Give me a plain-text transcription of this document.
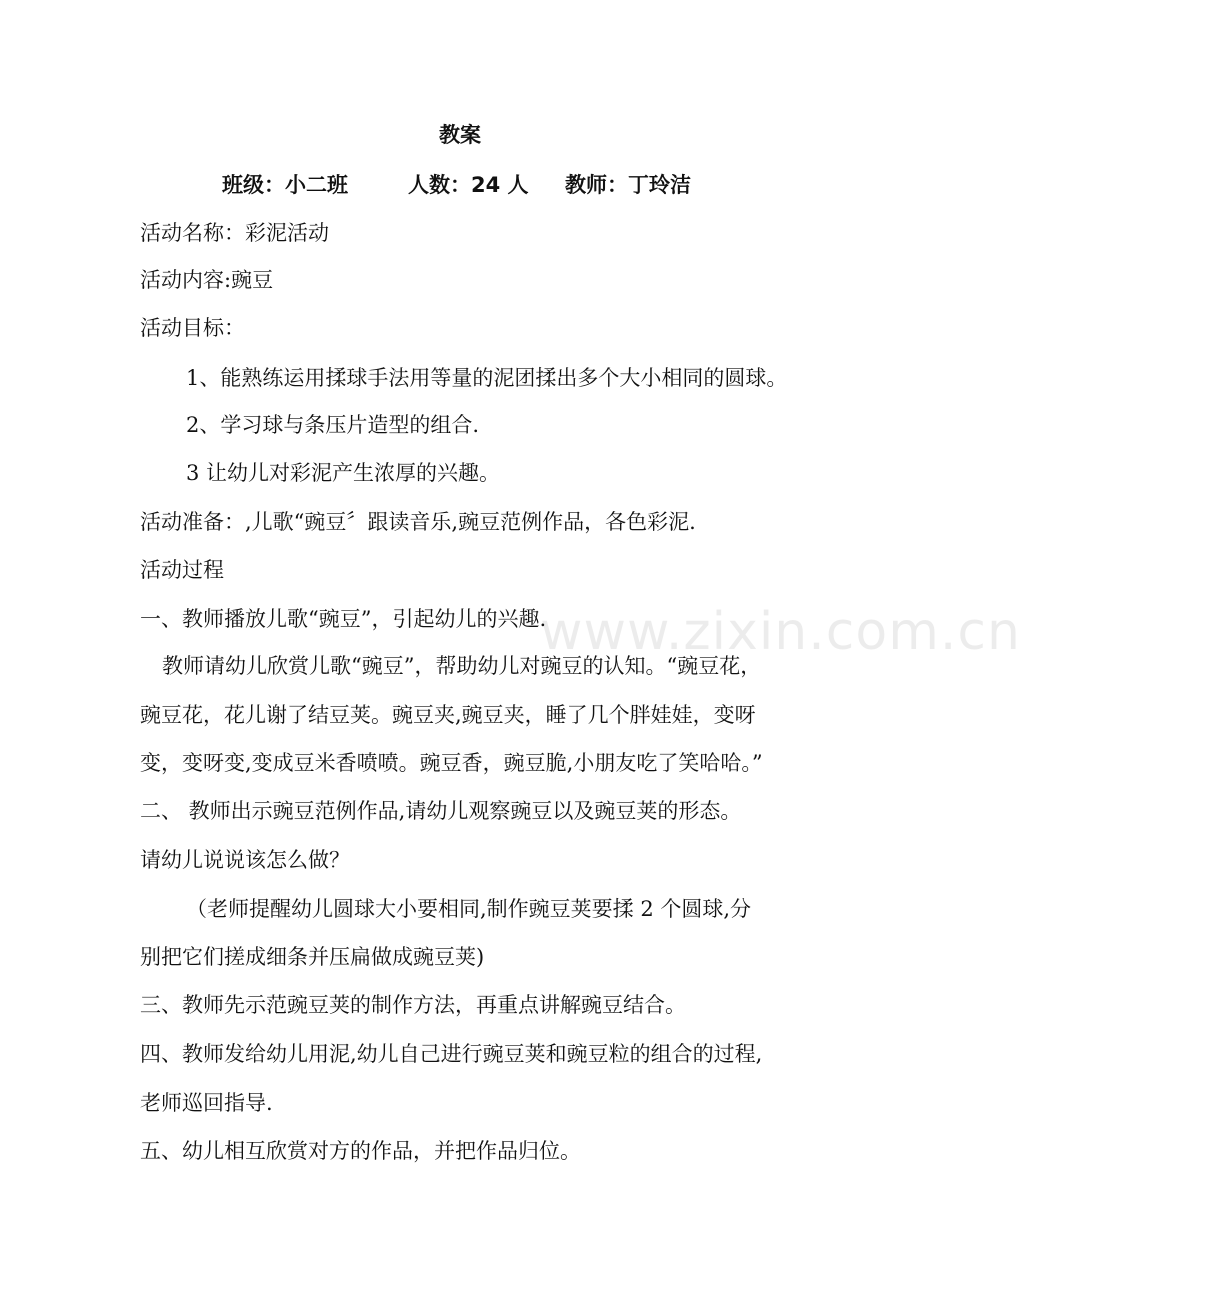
教案
班级：小二班	人数：24 人	教师：丁玲洁
活动名称：彩泥活动
活动内容:豌豆
活动目标：
1、能熟练运用揉球手法用等量的泥团揉出多个大小相同的圆球。
2、学习球与条压片造型的组合.
3 让幼儿对彩泥产生浓厚的兴趣。
活动准备：,儿歌“豌豆〞跟读音乐,豌豆范例作品，各色彩泥.
活动过程
一、教师播放儿歌“豌豆”，引起幼儿的兴趣.
教师请幼儿欣赏儿歌“豌豆”，帮助幼儿对豌豆的认知。“豌豆花，
豌豆花，花儿谢了结豆荚。豌豆夹,豌豆夹，睡了几个胖娃娃，变呀
变，变呀变,变成豆米香喷喷。豌豆香，豌豆脆,小朋友吃了笑哈哈。”
二、 教师出示豌豆范例作品,请幼儿观察豌豆以及豌豆荚的形态。
请幼儿说说该怎么做？
（老师提醒幼儿圆球大小要相同,制作豌豆荚要揉 2 个圆球,分
别把它们搓成细条并压扁做成豌豆荚)
三、教师先示范豌豆荚的制作方法，再重点讲解豌豆结合。
四、教师发给幼儿用泥,幼儿自己进行豌豆荚和豌豆粒的组合的过程,
老师巡回指导.
五、幼儿相互欣赏对方的作品，并把作品归位。
www.zixin.com.cn
